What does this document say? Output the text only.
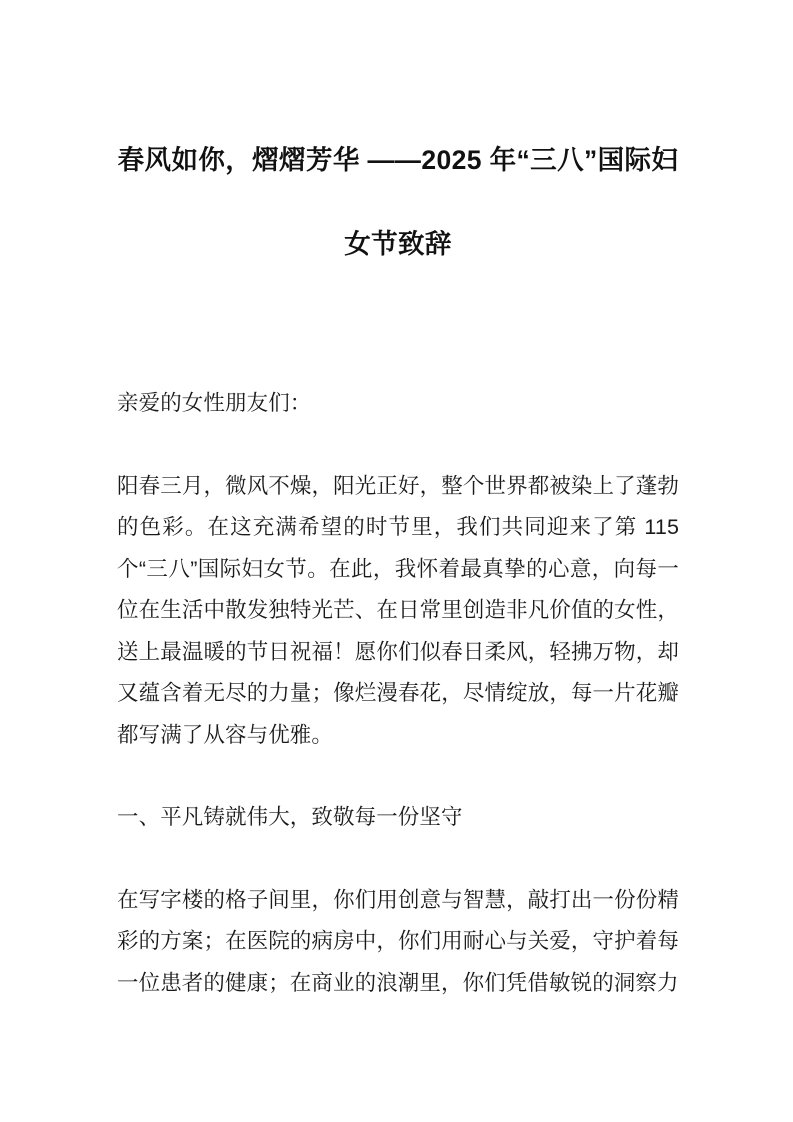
春风如你，熠熠芳华 ——2025 年“三八”国际妇女节致辞

亲爱的女性朋友们：

阳春三月，微风不燥，阳光正好，整个世界都被染上了蓬勃的色彩。在这充满希望的时节里，我们共同迎来了第 115 个“三八”国际妇女节。在此，我怀着最真挚的心意，向每一位在生活中散发独特光芒、在日常里创造非凡价值的女性，送上最温暖的节日祝福！愿你们似春日柔风，轻拂万物，却又蕴含着无尽的力量；像烂漫春花，尽情绽放，每一片花瓣都写满了从容与优雅。

一、平凡铸就伟大，致敬每一份坚守

在写字楼的格子间里，你们用创意与智慧，敲打出一份份精彩的方案；在医院的病房中，你们用耐心与关爱，守护着每一位患者的健康；在商业的浪潮里，你们凭借敏锐的洞察力
